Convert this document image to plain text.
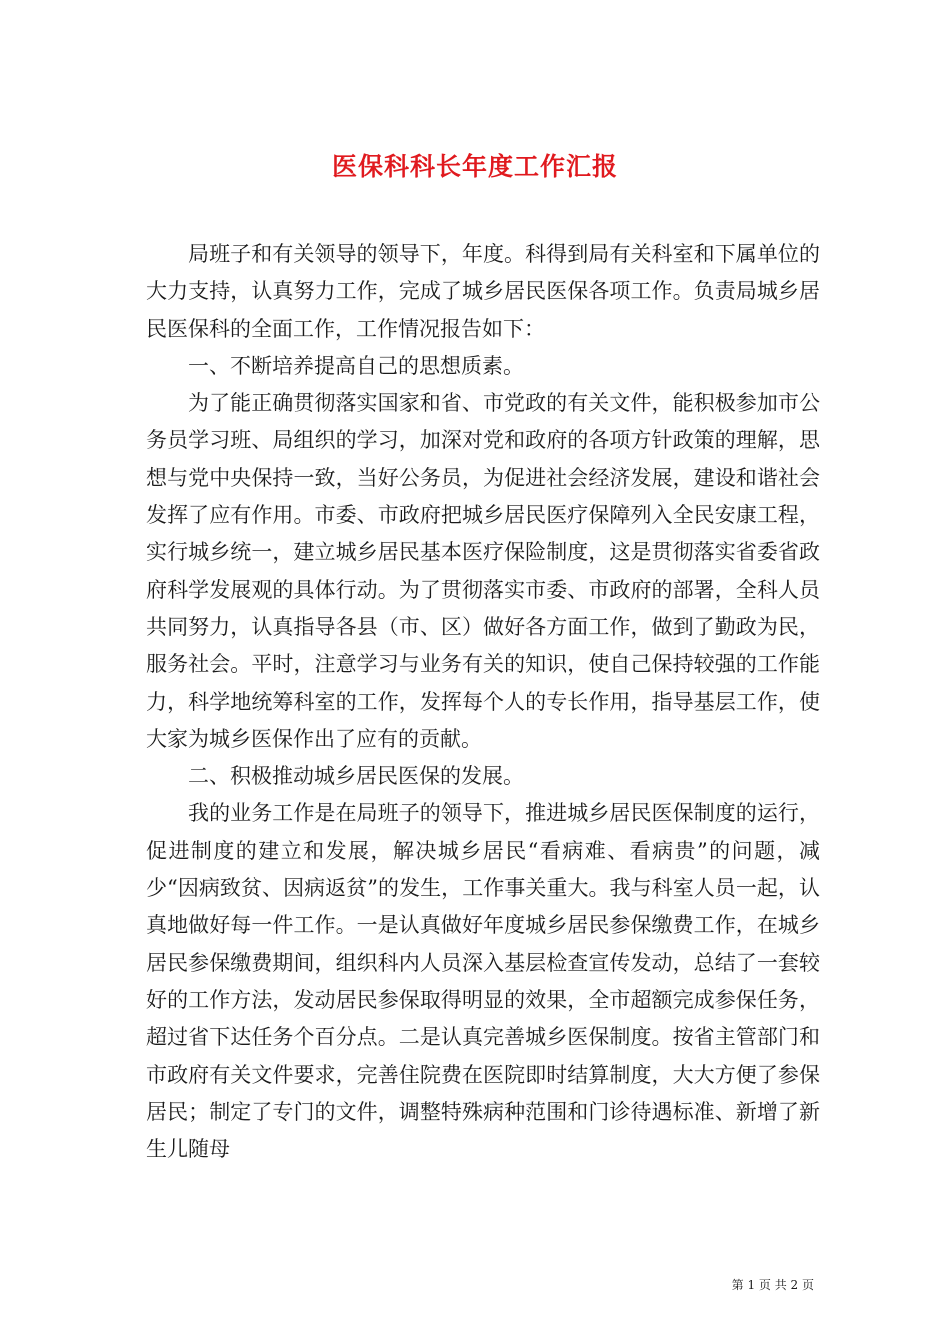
医保科科长年度工作汇报

局班子和有关领导的领导下，年度。科得到局有关科室和下属单位的大力支持，认真努力工作，完成了城乡居民医保各项工作。负责局城乡居民医保科的全面工作，工作情况报告如下：

一、不断培养提高自己的思想质素。

为了能正确贯彻落实国家和省、市党政的有关文件，能积极参加市公务员学习班、局组织的学习，加深对党和政府的各项方针政策的理解，思想与党中央保持一致，当好公务员，为促进社会经济发展，建设和谐社会发挥了应有作用。市委、市政府把城乡居民医疗保障列入全民安康工程，实行城乡统一，建立城乡居民基本医疗保险制度，这是贯彻落实省委省政府科学发展观的具体行动。为了贯彻落实市委、市政府的部署，全科人员共同努力，认真指导各县（市、区）做好各方面工作，做到了勤政为民，服务社会。平时，注意学习与业务有关的知识，使自己保持较强的工作能力，科学地统筹科室的工作，发挥每个人的专长作用，指导基层工作，使大家为城乡医保作出了应有的贡献。

二、积极推动城乡居民医保的发展。

我的业务工作是在局班子的领导下，推进城乡居民医保制度的运行，促进制度的建立和发展，解决城乡居民“看病难、看病贵”的问题，减少“因病致贫、因病返贫”的发生，工作事关重大。我与科室人员一起，认真地做好每一件工作。一是认真做好年度城乡居民参保缴费工作，在城乡居民参保缴费期间，组织科内人员深入基层检查宣传发动，总结了一套较好的工作方法，发动居民参保取得明显的效果，全市超额完成参保任务，超过省下达任务个百分点。二是认真完善城乡医保制度。按省主管部门和市政府有关文件要求，完善住院费在医院即时结算制度，大大方便了参保居民；制定了专门的文件，调整特殊病种范围和门诊待遇标准、新增了新生儿随母

第 1 页 共 2 页
